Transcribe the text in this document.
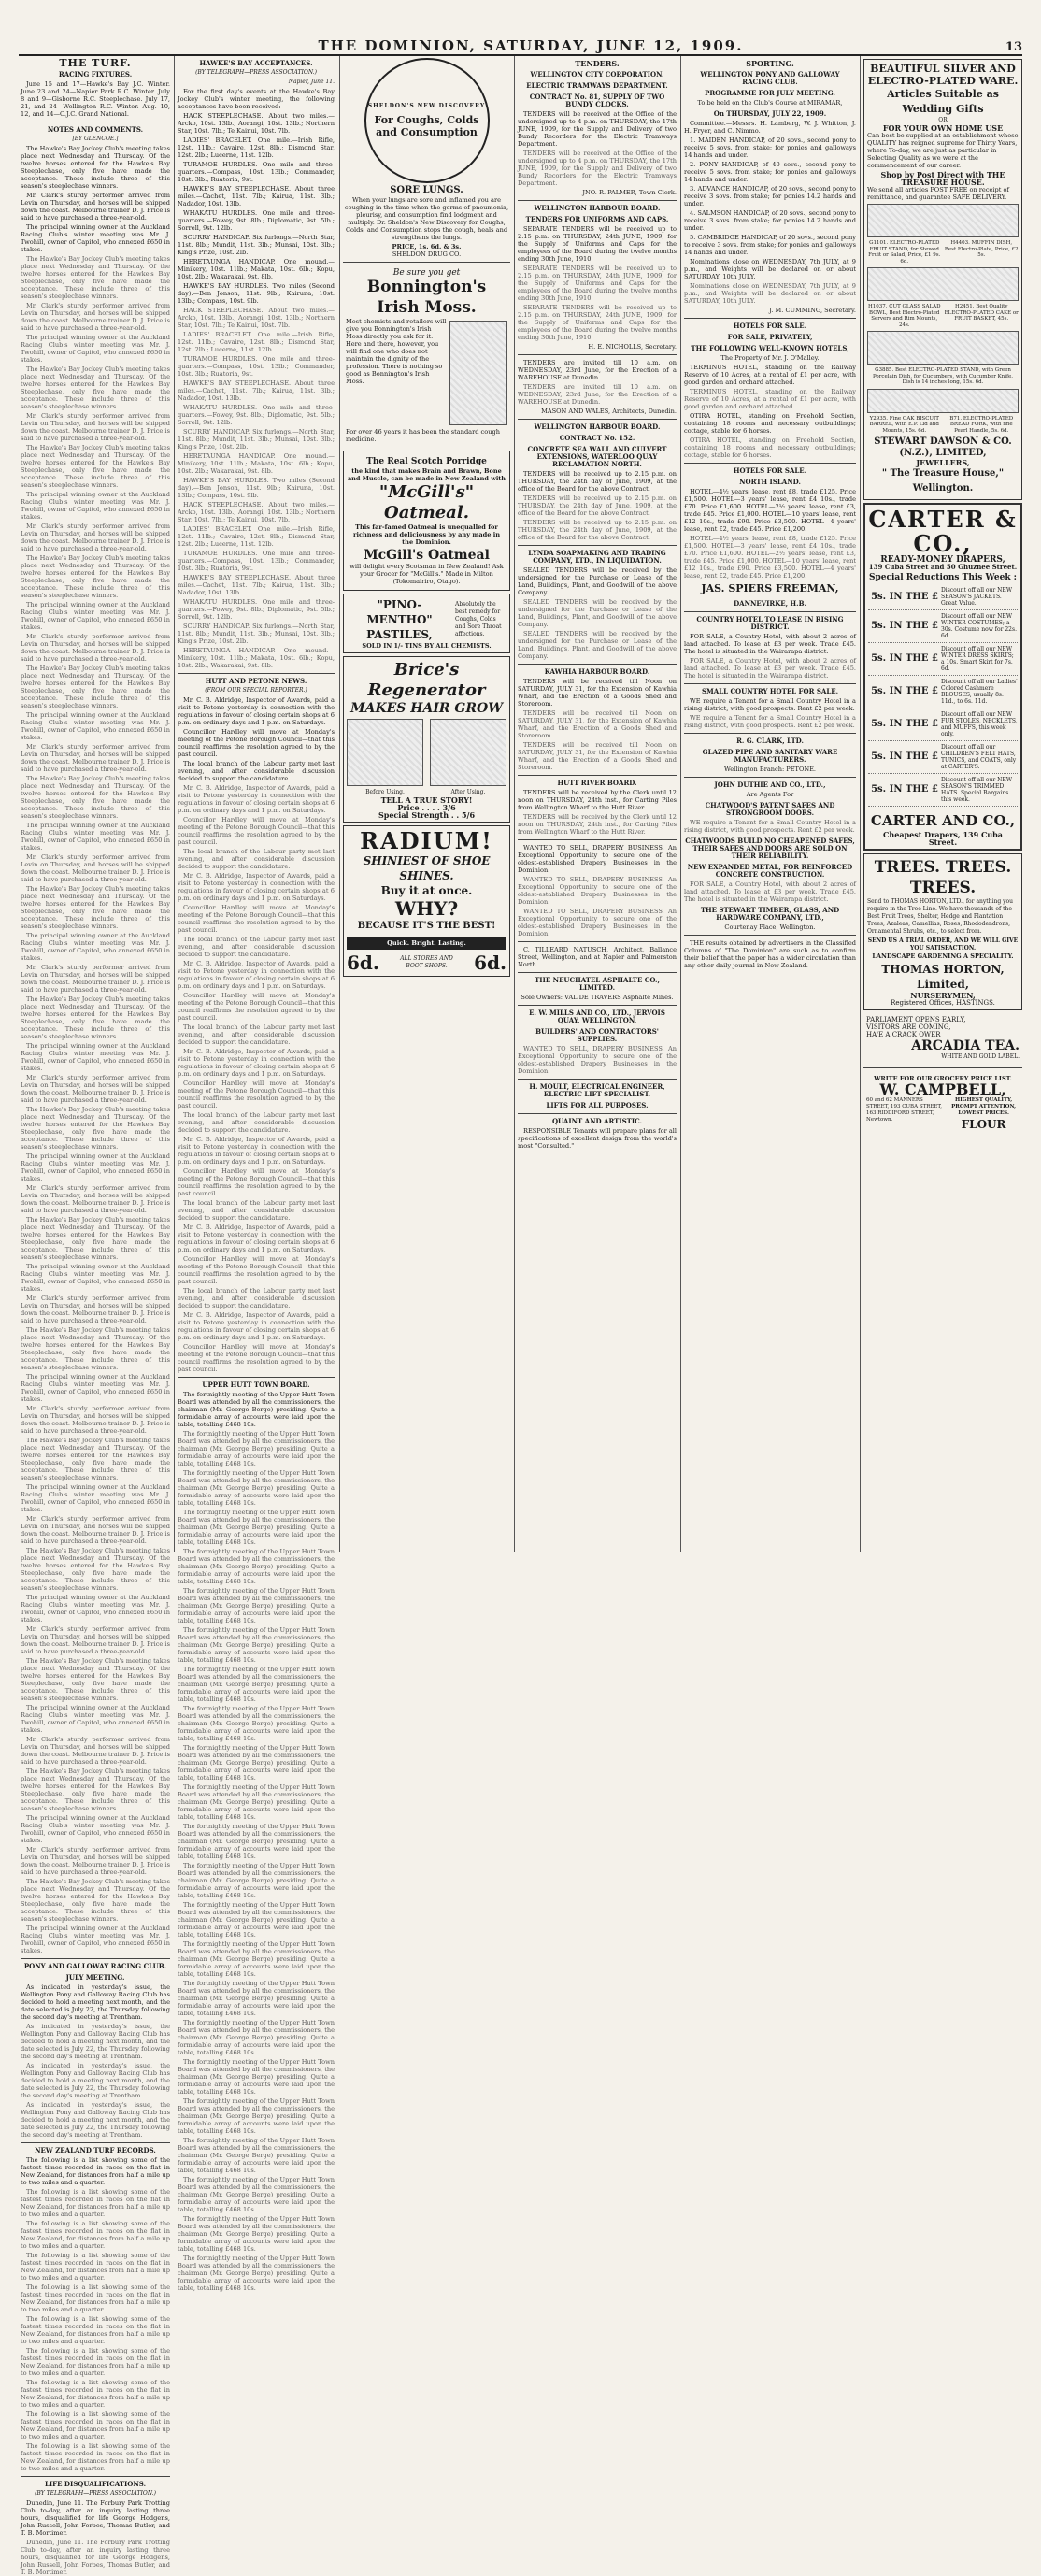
THE DOMINION, SATURDAY, JUNE 12, 1909.	13
THE TURF.
RACING FIXTURES.
June 15 and 17—Hawke's Bay J.C. Winter. June 23 and 24—Napier Park R.C. Winter. July 8 and 9—Gisborne R.C. Steeplechase. July 17, 21, and 24—Wellington R.C. Winter. Aug. 10, 12, and 14—C.J.C. Grand National.
NOTES AND COMMENTS.
[BY GLENCOE.]
The Hawke's Bay Jockey Club's meeting takes place next Wednesday and Thursday. Of the twelve horses entered for the Hawke's Bay Steeplechase, only five have made the acceptance. These include three of this season's steeplechase winners.
Mr. Clark's sturdy performer arrived from Levin on Thursday, and horses will be shipped down the coast. Melbourne trainer D. J. Price is said to have purchased a three-year-old.
The principal winning owner at the Auckland Racing Club's winter meeting was Mr. J. Twohill, owner of Capitol, who annexed £650 in stakes.
The Hawke's Bay Jockey Club's meeting takes place next Wednesday and Thursday. Of the twelve horses entered for the Hawke's Bay Steeplechase, only five have made the acceptance. These include three of this season's steeplechase winners.
Mr. Clark's sturdy performer arrived from Levin on Thursday, and horses will be shipped down the coast. Melbourne trainer D. J. Price is said to have purchased a three-year-old.
The principal winning owner at the Auckland Racing Club's winter meeting was Mr. J. Twohill, owner of Capitol, who annexed £650 in stakes.
The Hawke's Bay Jockey Club's meeting takes place next Wednesday and Thursday. Of the twelve horses entered for the Hawke's Bay Steeplechase, only five have made the acceptance. These include three of this season's steeplechase winners.
Mr. Clark's sturdy performer arrived from Levin on Thursday, and horses will be shipped down the coast. Melbourne trainer D. J. Price is said to have purchased a three-year-old.
The Hawke's Bay Jockey Club's meeting takes place next Wednesday and Thursday. Of the twelve horses entered for the Hawke's Bay Steeplechase, only five have made the acceptance. These include three of this season's steeplechase winners.
The principal winning owner at the Auckland Racing Club's winter meeting was Mr. J. Twohill, owner of Capitol, who annexed £650 in stakes.
Mr. Clark's sturdy performer arrived from Levin on Thursday, and horses will be shipped down the coast. Melbourne trainer D. J. Price is said to have purchased a three-year-old.
The Hawke's Bay Jockey Club's meeting takes place next Wednesday and Thursday. Of the twelve horses entered for the Hawke's Bay Steeplechase, only five have made the acceptance. These include three of this season's steeplechase winners.
The principal winning owner at the Auckland Racing Club's winter meeting was Mr. J. Twohill, owner of Capitol, who annexed £650 in stakes.
Mr. Clark's sturdy performer arrived from Levin on Thursday, and horses will be shipped down the coast. Melbourne trainer D. J. Price is said to have purchased a three-year-old.
The Hawke's Bay Jockey Club's meeting takes place next Wednesday and Thursday. Of the twelve horses entered for the Hawke's Bay Steeplechase, only five have made the acceptance. These include three of this season's steeplechase winners.
The principal winning owner at the Auckland Racing Club's winter meeting was Mr. J. Twohill, owner of Capitol, who annexed £650 in stakes.
Mr. Clark's sturdy performer arrived from Levin on Thursday, and horses will be shipped down the coast. Melbourne trainer D. J. Price is said to have purchased a three-year-old.
The Hawke's Bay Jockey Club's meeting takes place next Wednesday and Thursday. Of the twelve horses entered for the Hawke's Bay Steeplechase, only five have made the acceptance. These include three of this season's steeplechase winners.
The principal winning owner at the Auckland Racing Club's winter meeting was Mr. J. Twohill, owner of Capitol, who annexed £650 in stakes.
Mr. Clark's sturdy performer arrived from Levin on Thursday, and horses will be shipped down the coast. Melbourne trainer D. J. Price is said to have purchased a three-year-old.
The Hawke's Bay Jockey Club's meeting takes place next Wednesday and Thursday. Of the twelve horses entered for the Hawke's Bay Steeplechase, only five have made the acceptance. These include three of this season's steeplechase winners.
The principal winning owner at the Auckland Racing Club's winter meeting was Mr. J. Twohill, owner of Capitol, who annexed £650 in stakes.
Mr. Clark's sturdy performer arrived from Levin on Thursday, and horses will be shipped down the coast. Melbourne trainer D. J. Price is said to have purchased a three-year-old.
The Hawke's Bay Jockey Club's meeting takes place next Wednesday and Thursday. Of the twelve horses entered for the Hawke's Bay Steeplechase, only five have made the acceptance. These include three of this season's steeplechase winners.
The principal winning owner at the Auckland Racing Club's winter meeting was Mr. J. Twohill, owner of Capitol, who annexed £650 in stakes.
Mr. Clark's sturdy performer arrived from Levin on Thursday, and horses will be shipped down the coast. Melbourne trainer D. J. Price is said to have purchased a three-year-old.
The Hawke's Bay Jockey Club's meeting takes place next Wednesday and Thursday. Of the twelve horses entered for the Hawke's Bay Steeplechase, only five have made the acceptance. These include three of this season's steeplechase winners.
The principal winning owner at the Auckland Racing Club's winter meeting was Mr. J. Twohill, owner of Capitol, who annexed £650 in stakes.
Mr. Clark's sturdy performer arrived from Levin on Thursday, and horses will be shipped down the coast. Melbourne trainer D. J. Price is said to have purchased a three-year-old.
The Hawke's Bay Jockey Club's meeting takes place next Wednesday and Thursday. Of the twelve horses entered for the Hawke's Bay Steeplechase, only five have made the acceptance. These include three of this season's steeplechase winners.
The principal winning owner at the Auckland Racing Club's winter meeting was Mr. J. Twohill, owner of Capitol, who annexed £650 in stakes.
Mr. Clark's sturdy performer arrived from Levin on Thursday, and horses will be shipped down the coast. Melbourne trainer D. J. Price is said to have purchased a three-year-old.
The Hawke's Bay Jockey Club's meeting takes place next Wednesday and Thursday. Of the twelve horses entered for the Hawke's Bay Steeplechase, only five have made the acceptance. These include three of this season's steeplechase winners.
The principal winning owner at the Auckland Racing Club's winter meeting was Mr. J. Twohill, owner of Capitol, who annexed £650 in stakes.
Mr. Clark's sturdy performer arrived from Levin on Thursday, and horses will be shipped down the coast. Melbourne trainer D. J. Price is said to have purchased a three-year-old.
The Hawke's Bay Jockey Club's meeting takes place next Wednesday and Thursday. Of the twelve horses entered for the Hawke's Bay Steeplechase, only five have made the acceptance. These include three of this season's steeplechase winners.
The principal winning owner at the Auckland Racing Club's winter meeting was Mr. J. Twohill, owner of Capitol, who annexed £650 in stakes.
Mr. Clark's sturdy performer arrived from Levin on Thursday, and horses will be shipped down the coast. Melbourne trainer D. J. Price is said to have purchased a three-year-old.
The Hawke's Bay Jockey Club's meeting takes place next Wednesday and Thursday. Of the twelve horses entered for the Hawke's Bay Steeplechase, only five have made the acceptance. These include three of this season's steeplechase winners.
The principal winning owner at the Auckland Racing Club's winter meeting was Mr. J. Twohill, owner of Capitol, who annexed £650 in stakes.
Mr. Clark's sturdy performer arrived from Levin on Thursday, and horses will be shipped down the coast. Melbourne trainer D. J. Price is said to have purchased a three-year-old.
The Hawke's Bay Jockey Club's meeting takes place next Wednesday and Thursday. Of the twelve horses entered for the Hawke's Bay Steeplechase, only five have made the acceptance. These include three of this season's steeplechase winners.
The principal winning owner at the Auckland Racing Club's winter meeting was Mr. J. Twohill, owner of Capitol, who annexed £650 in stakes.
Mr. Clark's sturdy performer arrived from Levin on Thursday, and horses will be shipped down the coast. Melbourne trainer D. J. Price is said to have purchased a three-year-old.
The Hawke's Bay Jockey Club's meeting takes place next Wednesday and Thursday. Of the twelve horses entered for the Hawke's Bay Steeplechase, only five have made the acceptance. These include three of this season's steeplechase winners.
The principal winning owner at the Auckland Racing Club's winter meeting was Mr. J. Twohill, owner of Capitol, who annexed £650 in stakes.
Mr. Clark's sturdy performer arrived from Levin on Thursday, and horses will be shipped down the coast. Melbourne trainer D. J. Price is said to have purchased a three-year-old.
The Hawke's Bay Jockey Club's meeting takes place next Wednesday and Thursday. Of the twelve horses entered for the Hawke's Bay Steeplechase, only five have made the acceptance. These include three of this season's steeplechase winners.
The principal winning owner at the Auckland Racing Club's winter meeting was Mr. J. Twohill, owner of Capitol, who annexed £650 in stakes.
PONY AND GALLOWAY RACING CLUB.
JULY MEETING.
As indicated in yesterday's issue, the Wellington Pony and Galloway Racing Club has decided to hold a meeting next month, and the date selected is July 22, the Thursday following the second day's meeting at Trentham.
As indicated in yesterday's issue, the Wellington Pony and Galloway Racing Club has decided to hold a meeting next month, and the date selected is July 22, the Thursday following the second day's meeting at Trentham.
As indicated in yesterday's issue, the Wellington Pony and Galloway Racing Club has decided to hold a meeting next month, and the date selected is July 22, the Thursday following the second day's meeting at Trentham.
As indicated in yesterday's issue, the Wellington Pony and Galloway Racing Club has decided to hold a meeting next month, and the date selected is July 22, the Thursday following the second day's meeting at Trentham.
NEW ZEALAND TURF RECORDS.
The following is a list showing some of the fastest times recorded in races on the flat in New Zealand, for distances from half a mile up to two miles and a quarter.
The following is a list showing some of the fastest times recorded in races on the flat in New Zealand, for distances from half a mile up to two miles and a quarter.
The following is a list showing some of the fastest times recorded in races on the flat in New Zealand, for distances from half a mile up to two miles and a quarter.
The following is a list showing some of the fastest times recorded in races on the flat in New Zealand, for distances from half a mile up to two miles and a quarter.
The following is a list showing some of the fastest times recorded in races on the flat in New Zealand, for distances from half a mile up to two miles and a quarter.
The following is a list showing some of the fastest times recorded in races on the flat in New Zealand, for distances from half a mile up to two miles and a quarter.
The following is a list showing some of the fastest times recorded in races on the flat in New Zealand, for distances from half a mile up to two miles and a quarter.
The following is a list showing some of the fastest times recorded in races on the flat in New Zealand, for distances from half a mile up to two miles and a quarter.
The following is a list showing some of the fastest times recorded in races on the flat in New Zealand, for distances from half a mile up to two miles and a quarter.
The following is a list showing some of the fastest times recorded in races on the flat in New Zealand, for distances from half a mile up to two miles and a quarter.
LIFE DISQUALIFICATIONS.
(BY TELEGRAPH—PRESS ASSOCIATION.)
Dunedin, June 11. The Forbury Park Trotting Club to-day, after an inquiry lasting three hours, disqualified for life George Hodgens, John Russell, John Forbes, Thomas Butler, and T. B. Mortimer.
Dunedin, June 11. The Forbury Park Trotting Club to-day, after an inquiry lasting three hours, disqualified for life George Hodgens, John Russell, John Forbes, Thomas Butler, and T. B. Mortimer.
HAWKE'S BAY ACCEPTANCES.
(BY TELEGRAPH—PRESS ASSOCIATION.)
Napier, June 11.
For the first day's events at the Hawke's Bay Jockey Club's winter meeting, the following acceptances have been received:—
HACK STEEPLECHASE. About two miles.—Arcko, 10st. 13lb.; Aorangi, 10st. 13lb.; Northern Star, 10st. 7lb.; Te Kainui, 10st. 7lb.
LADIES' BRACELET. One mile.—Irish Rifle, 12st. 11lb.; Cavaire, 12st. 8lb.; Dismond Star, 12st. 2lb.; Lucerne, 11st. 12lb.
TURAMOE HURDLES. One mile and three-quarters.—Compass, 10st. 13lb.; Commander, 10st. 3lb.; Ruatoria, 9st.
HAWKE'S BAY STEEPLECHASE. About three miles.—Cachet, 11st. 7lb.; Kairua, 11st. 3lb.; Nadador, 10st. 13lb.
WHAKATU HURDLES. One mile and three-quarters.—Fowey, 9st. 8lb.; Diplomatic, 9st. 5lb.; Sorrell, 9st. 12lb.
SCURRY HANDICAP. Six furlongs.—North Star, 11st. 8lb.; Mundit, 11st. 3lb.; Munsai, 10st. 3lb.; King's Prize, 10st. 2lb.
HERETAUNGA HANDICAP. One mound.—Minikery, 10st. 11lb.; Makata, 10st. 6lb.; Kopu, 10st. 2lb.; Wakarakai, 9st. 8lb.
HAWKE'S BAY HURDLES. Two miles (Second day).—Ben Jonson, 11st. 9lb.; Kairuna, 10st. 13lb.; Compass, 10st. 9lb.
HACK STEEPLECHASE. About two miles.—Arcko, 10st. 13lb.; Aorangi, 10st. 13lb.; Northern Star, 10st. 7lb.; Te Kainui, 10st. 7lb.
LADIES' BRACELET. One mile.—Irish Rifle, 12st. 11lb.; Cavaire, 12st. 8lb.; Dismond Star, 12st. 2lb.; Lucerne, 11st. 12lb.
TURAMOE HURDLES. One mile and three-quarters.—Compass, 10st. 13lb.; Commander, 10st. 3lb.; Ruatoria, 9st.
HAWKE'S BAY STEEPLECHASE. About three miles.—Cachet, 11st. 7lb.; Kairua, 11st. 3lb.; Nadador, 10st. 13lb.
WHAKATU HURDLES. One mile and three-quarters.—Fowey, 9st. 8lb.; Diplomatic, 9st. 5lb.; Sorrell, 9st. 12lb.
SCURRY HANDICAP. Six furlongs.—North Star, 11st. 8lb.; Mundit, 11st. 3lb.; Munsai, 10st. 3lb.; King's Prize, 10st. 2lb.
HERETAUNGA HANDICAP. One mound.—Minikery, 10st. 11lb.; Makata, 10st. 6lb.; Kopu, 10st. 2lb.; Wakarakai, 9st. 8lb.
HAWKE'S BAY HURDLES. Two miles (Second day).—Ben Jonson, 11st. 9lb.; Kairuna, 10st. 13lb.; Compass, 10st. 9lb.
HACK STEEPLECHASE. About two miles.—Arcko, 10st. 13lb.; Aorangi, 10st. 13lb.; Northern Star, 10st. 7lb.; Te Kainui, 10st. 7lb.
LADIES' BRACELET. One mile.—Irish Rifle, 12st. 11lb.; Cavaire, 12st. 8lb.; Dismond Star, 12st. 2lb.; Lucerne, 11st. 12lb.
TURAMOE HURDLES. One mile and three-quarters.—Compass, 10st. 13lb.; Commander, 10st. 3lb.; Ruatoria, 9st.
HAWKE'S BAY STEEPLECHASE. About three miles.—Cachet, 11st. 7lb.; Kairua, 11st. 3lb.; Nadador, 10st. 13lb.
WHAKATU HURDLES. One mile and three-quarters.—Fowey, 9st. 8lb.; Diplomatic, 9st. 5lb.; Sorrell, 9st. 12lb.
SCURRY HANDICAP. Six furlongs.—North Star, 11st. 8lb.; Mundit, 11st. 3lb.; Munsai, 10st. 3lb.; King's Prize, 10st. 2lb.
HERETAUNGA HANDICAP. One mound.—Minikery, 10st. 11lb.; Makata, 10st. 6lb.; Kopu, 10st. 2lb.; Wakarakai, 9st. 8lb.
HUTT AND PETONE NEWS.
(FROM OUR SPECIAL REPORTER.)
Mr. C. B. Aldridge, Inspector of Awards, paid a visit to Petone yesterday in connection with the regulations in favour of closing certain shops at 6 p.m. on ordinary days and 1 p.m. on Saturdays.
Councillor Hardley will move at Monday's meeting of the Petone Borough Council—that this council reaffirms the resolution agreed to by the past council.
The local branch of the Labour party met last evening, and after considerable discussion decided to support the candidature.
Mr. C. B. Aldridge, Inspector of Awards, paid a visit to Petone yesterday in connection with the regulations in favour of closing certain shops at 6 p.m. on ordinary days and 1 p.m. on Saturdays.
Councillor Hardley will move at Monday's meeting of the Petone Borough Council—that this council reaffirms the resolution agreed to by the past council.
The local branch of the Labour party met last evening, and after considerable discussion decided to support the candidature.
Mr. C. B. Aldridge, Inspector of Awards, paid a visit to Petone yesterday in connection with the regulations in favour of closing certain shops at 6 p.m. on ordinary days and 1 p.m. on Saturdays.
Councillor Hardley will move at Monday's meeting of the Petone Borough Council—that this council reaffirms the resolution agreed to by the past council.
The local branch of the Labour party met last evening, and after considerable discussion decided to support the candidature.
Mr. C. B. Aldridge, Inspector of Awards, paid a visit to Petone yesterday in connection with the regulations in favour of closing certain shops at 6 p.m. on ordinary days and 1 p.m. on Saturdays.
Councillor Hardley will move at Monday's meeting of the Petone Borough Council—that this council reaffirms the resolution agreed to by the past council.
The local branch of the Labour party met last evening, and after considerable discussion decided to support the candidature.
Mr. C. B. Aldridge, Inspector of Awards, paid a visit to Petone yesterday in connection with the regulations in favour of closing certain shops at 6 p.m. on ordinary days and 1 p.m. on Saturdays.
Councillor Hardley will move at Monday's meeting of the Petone Borough Council—that this council reaffirms the resolution agreed to by the past council.
The local branch of the Labour party met last evening, and after considerable discussion decided to support the candidature.
Mr. C. B. Aldridge, Inspector of Awards, paid a visit to Petone yesterday in connection with the regulations in favour of closing certain shops at 6 p.m. on ordinary days and 1 p.m. on Saturdays.
Councillor Hardley will move at Monday's meeting of the Petone Borough Council—that this council reaffirms the resolution agreed to by the past council.
The local branch of the Labour party met last evening, and after considerable discussion decided to support the candidature.
Mr. C. B. Aldridge, Inspector of Awards, paid a visit to Petone yesterday in connection with the regulations in favour of closing certain shops at 6 p.m. on ordinary days and 1 p.m. on Saturdays.
Councillor Hardley will move at Monday's meeting of the Petone Borough Council—that this council reaffirms the resolution agreed to by the past council.
The local branch of the Labour party met last evening, and after considerable discussion decided to support the candidature.
Mr. C. B. Aldridge, Inspector of Awards, paid a visit to Petone yesterday in connection with the regulations in favour of closing certain shops at 6 p.m. on ordinary days and 1 p.m. on Saturdays.
Councillor Hardley will move at Monday's meeting of the Petone Borough Council—that this council reaffirms the resolution agreed to by the past council.
UPPER HUTT TOWN BOARD.
The fortnightly meeting of the Upper Hutt Town Board was attended by all the commissioners, the chairman (Mr. George Berge) presiding. Quite a formidable array of accounts were laid upon the table, totalling £468 10s.
The fortnightly meeting of the Upper Hutt Town Board was attended by all the commissioners, the chairman (Mr. George Berge) presiding. Quite a formidable array of accounts were laid upon the table, totalling £468 10s.
The fortnightly meeting of the Upper Hutt Town Board was attended by all the commissioners, the chairman (Mr. George Berge) presiding. Quite a formidable array of accounts were laid upon the table, totalling £468 10s.
The fortnightly meeting of the Upper Hutt Town Board was attended by all the commissioners, the chairman (Mr. George Berge) presiding. Quite a formidable array of accounts were laid upon the table, totalling £468 10s.
The fortnightly meeting of the Upper Hutt Town Board was attended by all the commissioners, the chairman (Mr. George Berge) presiding. Quite a formidable array of accounts were laid upon the table, totalling £468 10s.
The fortnightly meeting of the Upper Hutt Town Board was attended by all the commissioners, the chairman (Mr. George Berge) presiding. Quite a formidable array of accounts were laid upon the table, totalling £468 10s.
The fortnightly meeting of the Upper Hutt Town Board was attended by all the commissioners, the chairman (Mr. George Berge) presiding. Quite a formidable array of accounts were laid upon the table, totalling £468 10s.
The fortnightly meeting of the Upper Hutt Town Board was attended by all the commissioners, the chairman (Mr. George Berge) presiding. Quite a formidable array of accounts were laid upon the table, totalling £468 10s.
The fortnightly meeting of the Upper Hutt Town Board was attended by all the commissioners, the chairman (Mr. George Berge) presiding. Quite a formidable array of accounts were laid upon the table, totalling £468 10s.
The fortnightly meeting of the Upper Hutt Town Board was attended by all the commissioners, the chairman (Mr. George Berge) presiding. Quite a formidable array of accounts were laid upon the table, totalling £468 10s.
The fortnightly meeting of the Upper Hutt Town Board was attended by all the commissioners, the chairman (Mr. George Berge) presiding. Quite a formidable array of accounts were laid upon the table, totalling £468 10s.
The fortnightly meeting of the Upper Hutt Town Board was attended by all the commissioners, the chairman (Mr. George Berge) presiding. Quite a formidable array of accounts were laid upon the table, totalling £468 10s.
The fortnightly meeting of the Upper Hutt Town Board was attended by all the commissioners, the chairman (Mr. George Berge) presiding. Quite a formidable array of accounts were laid upon the table, totalling £468 10s.
The fortnightly meeting of the Upper Hutt Town Board was attended by all the commissioners, the chairman (Mr. George Berge) presiding. Quite a formidable array of accounts were laid upon the table, totalling £468 10s.
The fortnightly meeting of the Upper Hutt Town Board was attended by all the commissioners, the chairman (Mr. George Berge) presiding. Quite a formidable array of accounts were laid upon the table, totalling £468 10s.
The fortnightly meeting of the Upper Hutt Town Board was attended by all the commissioners, the chairman (Mr. George Berge) presiding. Quite a formidable array of accounts were laid upon the table, totalling £468 10s.
The fortnightly meeting of the Upper Hutt Town Board was attended by all the commissioners, the chairman (Mr. George Berge) presiding. Quite a formidable array of accounts were laid upon the table, totalling £468 10s.
The fortnightly meeting of the Upper Hutt Town Board was attended by all the commissioners, the chairman (Mr. George Berge) presiding. Quite a formidable array of accounts were laid upon the table, totalling £468 10s.
The fortnightly meeting of the Upper Hutt Town Board was attended by all the commissioners, the chairman (Mr. George Berge) presiding. Quite a formidable array of accounts were laid upon the table, totalling £468 10s.
The fortnightly meeting of the Upper Hutt Town Board was attended by all the commissioners, the chairman (Mr. George Berge) presiding. Quite a formidable array of accounts were laid upon the table, totalling £468 10s.
The fortnightly meeting of the Upper Hutt Town Board was attended by all the commissioners, the chairman (Mr. George Berge) presiding. Quite a formidable array of accounts were laid upon the table, totalling £468 10s.
The fortnightly meeting of the Upper Hutt Town Board was attended by all the commissioners, the chairman (Mr. George Berge) presiding. Quite a formidable array of accounts were laid upon the table, totalling £468 10s.
The fortnightly meeting of the Upper Hutt Town Board was attended by all the commissioners, the chairman (Mr. George Berge) presiding. Quite a formidable array of accounts were laid upon the table, totalling £468 10s.
SHELDON'S NEW DISCOVERY
For Coughs, Colds and Consumption
SORE LUNGS.
When your lungs are sore and inflamed you are coughing in the time when the germs of pneumonia, pleurisy, and consumption find lodgment and multiply. Dr. Sheldon's New Discovery for Coughs, Colds, and Consumption stops the cough, heals and strengthens the lungs.
PRICE, 1s. 6d. & 3s.
SHELDON DRUG CO.
Be sure you get
Bonnington's Irish Moss.
Most chemists and retailers will give you Bonnington's Irish Moss directly you ask for it. Here and there, however, you will find one who does not maintain the dignity of the profession. There is nothing so good as Bonnington's Irish Moss.
For over 46 years it has been the standard cough medicine.
The Real Scotch Porridge
the kind that makes Brain and Brawn, Bone and Muscle, can be made in New Zealand with
"McGill's" Oatmeal.
This far-famed Oatmeal is unequalled for richness and deliciousness by any made in the Dominion.
McGill's Oatmeal
will delight every Scotsman in New Zealand! Ask your Grocer for "McGill's." Made in Milton (Tokomairiro, Otago).
"PINO-MENTHO" PASTILES,
Absolutely the best remedy for Coughs, Colds and Sore Throat affections.
SOLD IN 1/- TINS BY ALL CHEMISTS.
Brice's Regenerator
MAKES HAIR GROW
Before Using.	After Using.
TELL A TRUE STORY!
Price . . . . 3/6
Special Strength . . 5/6
RADIUM!
SHINIEST OF SHOE SHINES.
Buy it at once.
WHY?
BECAUSE IT'S THE BEST!
Quick. Bright. Lasting.
6d.	ALL STORES AND BOOT SHOPS.	6d.
TENDERS.
WELLINGTON CITY CORPORATION.
ELECTRIC TRAMWAYS DEPARTMENT.
CONTRACT No. 81, SUPPLY OF TWO BUNDY CLOCKS.
TENDERS will be received at the Office of the undersigned up to 4 p.m. on THURSDAY, the 17th JUNE, 1909, for the Supply and Delivery of two Bundy Recorders for the Electric Tramways Department.
TENDERS will be received at the Office of the undersigned up to 4 p.m. on THURSDAY, the 17th JUNE, 1909, for the Supply and Delivery of two Bundy Recorders for the Electric Tramways Department.
JNO. R. PALMER, Town Clerk.
WELLINGTON HARBOUR BOARD.
TENDERS FOR UNIFORMS AND CAPS.
SEPARATE TENDERS will be received up to 2.15 p.m. on THURSDAY, 24th JUNE, 1909, for the Supply of Uniforms and Caps for the employees of the Board during the twelve months ending 30th June, 1910.
SEPARATE TENDERS will be received up to 2.15 p.m. on THURSDAY, 24th JUNE, 1909, for the Supply of Uniforms and Caps for the employees of the Board during the twelve months ending 30th June, 1910.
SEPARATE TENDERS will be received up to 2.15 p.m. on THURSDAY, 24th JUNE, 1909, for the Supply of Uniforms and Caps for the employees of the Board during the twelve months ending 30th June, 1910.
H. E. NICHOLLS, Secretary.
TENDERS are invited till 10 a.m. on WEDNESDAY, 23rd June, for the Erection of a WAREHOUSE at Dunedin.
TENDERS are invited till 10 a.m. on WEDNESDAY, 23rd June, for the Erection of a WAREHOUSE at Dunedin.
MASON AND WALES, Architects, Dunedin.
WELLINGTON HARBOUR BOARD.
CONTRACT No. 152.
CONCRETE SEA WALL AND CULVERT EXTENSIONS, WATERLOO QUAY RECLAMATION NORTH.
TENDERS will be received up to 2.15 p.m. on THURSDAY, the 24th day of June, 1909, at the office of the Board for the above Contract.
TENDERS will be received up to 2.15 p.m. on THURSDAY, the 24th day of June, 1909, at the office of the Board for the above Contract.
TENDERS will be received up to 2.15 p.m. on THURSDAY, the 24th day of June, 1909, at the office of the Board for the above Contract.
LYNDA SOAPMAKING AND TRADING COMPANY, LTD., IN LIQUIDATION.
SEALED TENDERS will be received by the undersigned for the Purchase or Lease of the Land, Buildings, Plant, and Goodwill of the above Company.
SEALED TENDERS will be received by the undersigned for the Purchase or Lease of the Land, Buildings, Plant, and Goodwill of the above Company.
SEALED TENDERS will be received by the undersigned for the Purchase or Lease of the Land, Buildings, Plant, and Goodwill of the above Company.
KAWHIA HARBOUR BOARD.
TENDERS will be received till Noon on SATURDAY, JULY 31, for the Extension of Kawhia Wharf, and the Erection of a Goods Shed and Storeroom.
TENDERS will be received till Noon on SATURDAY, JULY 31, for the Extension of Kawhia Wharf, and the Erection of a Goods Shed and Storeroom.
TENDERS will be received till Noon on SATURDAY, JULY 31, for the Extension of Kawhia Wharf, and the Erection of a Goods Shed and Storeroom.
HUTT RIVER BOARD.
TENDERS will be received by the Clerk until 12 noon on THURSDAY, 24th inst., for Carting Piles from Wellington Wharf to the Hutt River.
TENDERS will be received by the Clerk until 12 noon on THURSDAY, 24th inst., for Carting Piles from Wellington Wharf to the Hutt River.
WANTED TO SELL, DRAPERY BUSINESS. An Exceptional Opportunity to secure one of the oldest-established Drapery Businesses in the Dominion.
WANTED TO SELL, DRAPERY BUSINESS. An Exceptional Opportunity to secure one of the oldest-established Drapery Businesses in the Dominion.
WANTED TO SELL, DRAPERY BUSINESS. An Exceptional Opportunity to secure one of the oldest-established Drapery Businesses in the Dominion.
C. TILLEARD NATUSCH, Architect, Ballance Street, Wellington, and at Napier and Palmerston North.
THE NEUCHATEL ASPHALTE CO., LIMITED.
Sole Owners: VAL DE TRAVERS Asphalte Mines.
E. W. MILLS AND CO., LTD., JERVOIS QUAY, WELLINGTON,
BUILDERS' AND CONTRACTORS' SUPPLIES.
WANTED TO SELL, DRAPERY BUSINESS. An Exceptional Opportunity to secure one of the oldest-established Drapery Businesses in the Dominion.
H. MOULT, ELECTRICAL ENGINEER, ELECTRIC LIFT SPECIALIST.
LIFTS FOR ALL PURPOSES.
QUAINT AND ARTISTIC.
RESPONSIBLE Tenants will prepare plans for all specifications of excellent design from the world's most "Consulted."
SPORTING.
WELLINGTON PONY AND GALLOWAY RACING CLUB.
PROGRAMME FOR JULY MEETING.
To be held on the Club's Course at MIRAMAR,
On THURSDAY, JULY 22, 1909.
Committee.—Messrs. H. Lamberg, W. J. Whitton, J. H. Fryer, and C. Nimmo.
1. MAIDEN HANDICAP, of 20 sovs., second pony to receive 5 sovs. from stake; for ponies and galloways 14 hands and under.
2. PONY HANDICAP, of 40 sovs., second pony to receive 5 sovs. from stake; for ponies and galloways 14 hands and under.
3. ADVANCE HANDICAP, of 20 sovs., second pony to receive 3 sovs. from stake; for ponies 14.2 hands and under.
4. SALMSON HANDICAP, of 20 sovs., second pony to receive 3 sovs. from stake; for ponies 14.2 hands and under.
5. CAMBRIDGE HANDICAP, of 20 sovs., second pony to receive 3 sovs. from stake; for ponies and galloways 14 hands and under.
Nominations close on WEDNESDAY, 7th JULY, at 9 p.m., and Weights will be declared on or about SATURDAY, 10th JULY.
Nominations close on WEDNESDAY, 7th JULY, at 9 p.m., and Weights will be declared on or about SATURDAY, 10th JULY.
J. M. CUMMING, Secretary.
HOTELS FOR SALE.
FOR SALE, PRIVATELY,
THE FOLLOWING WELL-KNOWN HOTELS,
The Property of Mr. J. O'Malley.
TERMINUS HOTEL, standing on the Railway Reserve of 10 Acres, at a rental of £1 per acre, with good garden and orchard attached.
TERMINUS HOTEL, standing on the Railway Reserve of 10 Acres, at a rental of £1 per acre, with good garden and orchard attached.
OTIRA HOTEL, standing on Freehold Section, containing 18 rooms and necessary outbuildings; cottage, stable for 6 horses.
OTIRA HOTEL, standing on Freehold Section, containing 18 rooms and necessary outbuildings; cottage, stable for 6 horses.
HOTELS FOR SALE.
NORTH ISLAND.
HOTEL—4½ years' lease, rent £8, trade £125. Price £1,500. HOTEL—3 years' lease, rent £4 10s., trade £70. Price £1,600. HOTEL—2½ years' lease, rent £3, trade £45. Price £1,000. HOTEL—10 years' lease, rent £12 10s., trade £90. Price £3,500. HOTEL—4 years' lease, rent £2, trade £45. Price £1,200.
HOTEL—4½ years' lease, rent £8, trade £125. Price £1,500. HOTEL—3 years' lease, rent £4 10s., trade £70. Price £1,600. HOTEL—2½ years' lease, rent £3, trade £45. Price £1,000. HOTEL—10 years' lease, rent £12 10s., trade £90. Price £3,500. HOTEL—4 years' lease, rent £2, trade £45. Price £1,200.
JAS. SPIERS FREEMAN,
DANNEVIRKE, H.B.
COUNTRY HOTEL TO LEASE IN RISING DISTRICT.
FOR SALE, a Country Hotel, with about 2 acres of land attached. To lease at £3 per week. Trade £45. The hotel is situated in the Wairarapa district.
FOR SALE, a Country Hotel, with about 2 acres of land attached. To lease at £3 per week. Trade £45. The hotel is situated in the Wairarapa district.
SMALL COUNTRY HOTEL FOR SALE.
WE require a Tenant for a Small Country Hotel in a rising district, with good prospects. Rent £2 per week.
WE require a Tenant for a Small Country Hotel in a rising district, with good prospects. Rent £2 per week.
R. G. CLARK, LTD.
GLAZED PIPE AND SANITARY WARE MANUFACTURERS.
Wellington Branch: PETONE.
JOHN DUTHIE AND CO., LTD.,
Are Agents For
CHATWOOD'S PATENT SAFES AND STRONGROOM DOORS.
WE require a Tenant for a Small Country Hotel in a rising district, with good prospects. Rent £2 per week.
CHATWOODS BUILD NO CHEAPENED SAFES, THEIR SAFES AND DOORS ARE SOLD ON THEIR RELIABILITY.
NEW EXPANDED METAL, FOR REINFORCED CONCRETE CONSTRUCTION.
FOR SALE, a Country Hotel, with about 2 acres of land attached. To lease at £3 per week. Trade £45. The hotel is situated in the Wairarapa district.
THE STEWART TIMBER, GLASS, AND HARDWARE COMPANY, LTD.,
Courtenay Place, Wellington.
THE results obtained by advertisers in the Classified Columns of "The Dominion" are such as to confirm their belief that the paper has a wider circulation than any other daily journal in New Zealand.
BEAUTIFUL SILVER AND ELECTRO-PLATED WARE.
Articles Suitable as Wedding Gifts
OR
FOR YOUR OWN HOME USE
Can best be supplied at an establishment whose QUALITY has reigned supreme for Thirty Years, where To-day, we are just as particular in Selecting Quality as we were at the commencement of our career.
Shop by Post Direct with THE TREASURE HOUSE.
We send all articles POST FREE on receipt of remittance, and guarantee SAFE DELIVERY.
G1101. ELECTRO-PLATED FRUIT STAND, for Stewed Fruit or Salad, Price, £1 9s. 6d.
H4403. MUFFIN DISH, Best Electro-Plate, Price, £2 5s.
H1037. CUT GLASS SALAD BOWL, Best Electro-Plated Servers and Rim Mounts, 24s.
H2451. Best Quality ELECTRO-PLATED CAKE or FRUIT BASKET, 45s.
G3885. Best ELECTRO-PLATED STAND, with Green Porcelain Dish, for Cucumbers, with Cucumber Knife. Dish is 14 inches long, 15s. 6d.
Y2935. Fine OAK BISCUIT BARREL, with E.P. Lid and Mounts, 15s. 6d.
B71. ELECTRO-PLATED BREAD FORK, with fine Pearl Handle, 5s. 6d.
STEWART DAWSON & CO. (N.Z.), LIMITED,
JEWELLERS,
" The Treasure House," Wellington.
CARTER & CO.,
READY-MONEY DRAPERS,
139 Cuba Street and 50 Ghuznee Street.
Special Reductions This Week :
5s. IN THE £
Discount off all our NEW SEASON'S JACKETS. Great Value.
5s. IN THE £
Discount off all our NEW WINTER COSTUMES; a 30s. Costume now for 22s. 6d.
5s. IN THE £
Discount off all our NEW WINTER DRESS SKIRTS; a 10s. Smart Skirt for 7s. 6d.
5s. IN THE £
Discount off all our Ladies' Colored Cashmere BLOUSES, usually 8s. 11d., to 6s. 11d.
5s. IN THE £
Discount off all our NEW FUR STOLES, NECKLETS, and MUFFS, this week only.
5s. IN THE £
Discount off all our CHILDREN'S FELT HATS, TUNICS, and COATS, only at CARTER'S.
5s. IN THE £
Discount off all our NEW SEASON'S TRIMMED HATS. Special Bargains this week.
CARTER AND CO.,
Cheapest Drapers, 139 Cuba Street.
TREES. TREES. TREES.
Send to THOMAS HORTON, LTD., for anything you require in the Tree Line. We have thousands of the Best Fruit Trees, Shelter, Hedge and Plantation Trees, Azaleas, Camellias, Roses, Rhododendrons, Ornamental Shrubs, etc., to select from.
SEND US A TRIAL ORDER, AND WE WILL GIVE YOU SATISFACTION.
LANDSCAPE GARDENING A SPECIALITY.
THOMAS HORTON, Limited,
NURSERYMEN,
Registered Offices, HASTINGS.
PARLIAMENT OPENS EARLY,
VISITORS ARE COMING,
HA'E A CRACK OWER
ARCADIA TEA.
WHITE AND GOLD LABEL.
WRITE FOR OUR GROCERY PRICE LIST.
W. CAMPBELL,
60 and 62 MANNERS STREET, 193 CUBA STREET, 163 RIDDIFORD STREET, Newtown.
HIGHEST QUALITY, PROMPT ATTENTION, LOWEST PRICES.
FLOUR
